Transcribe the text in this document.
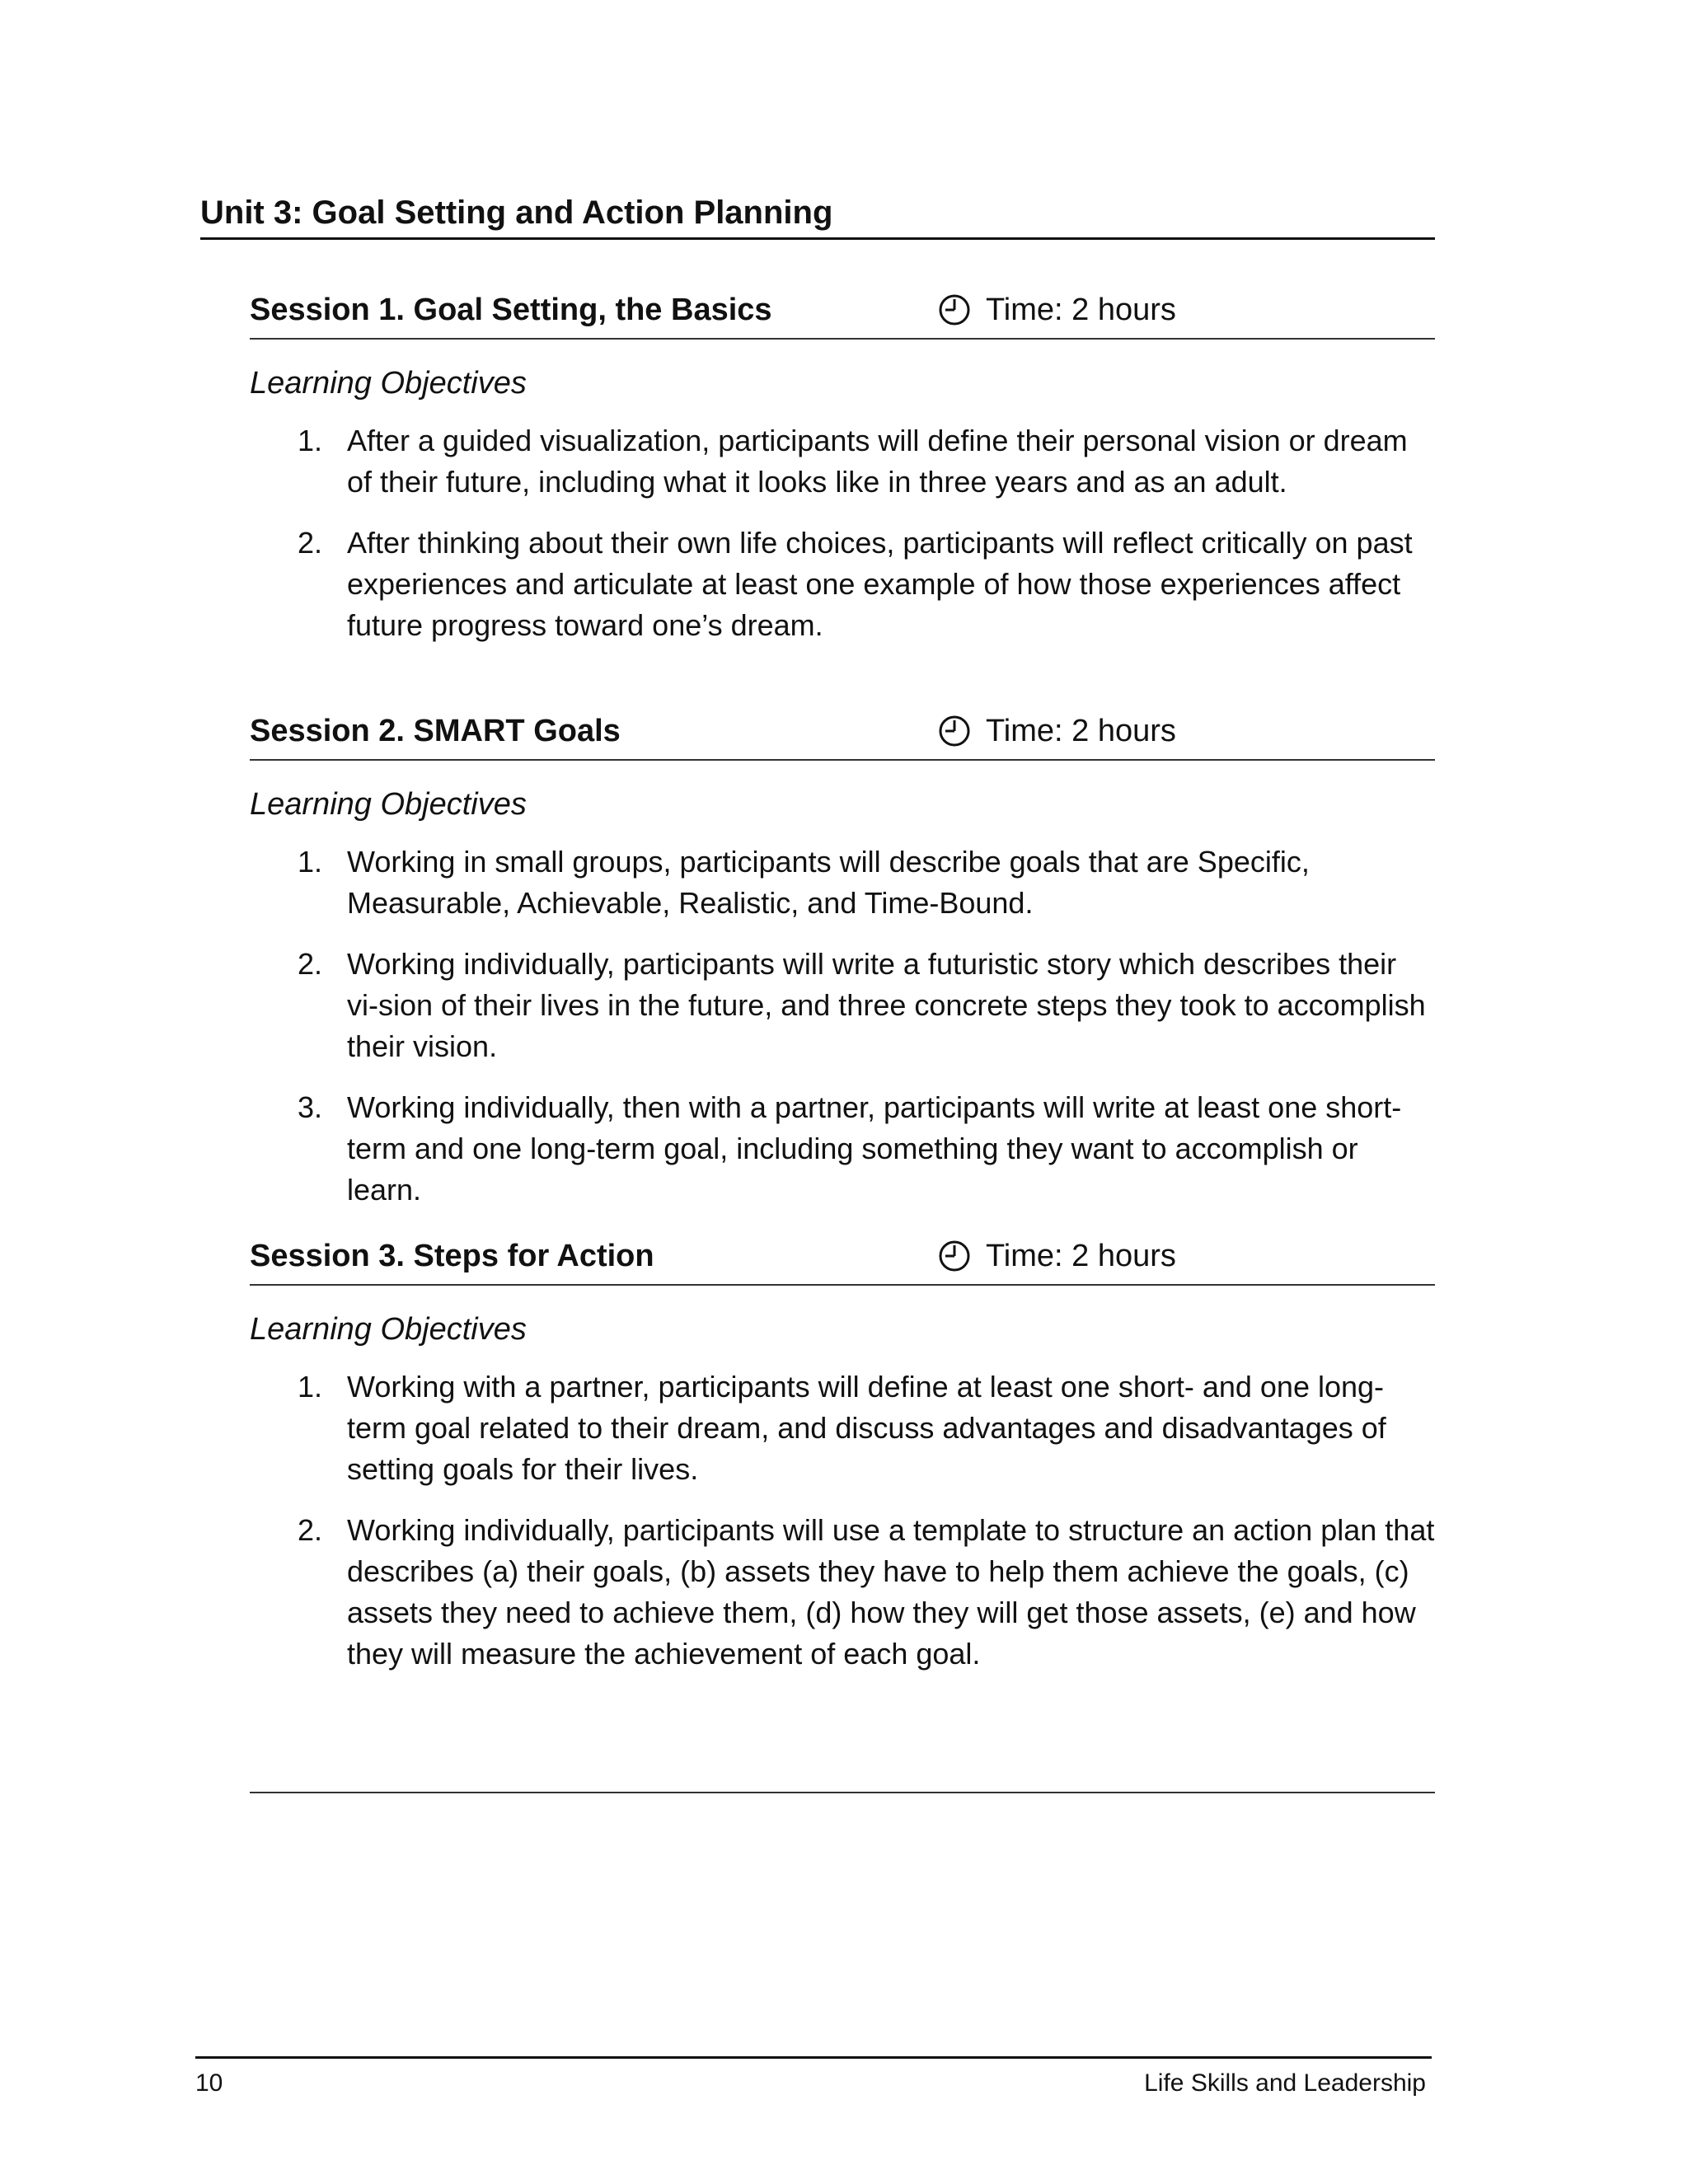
Unit 3: Goal Setting and Action Planning
Session 1. Goal Setting, the Basics	Time: 2 hours
Learning Objectives
1. After a guided visualization, participants will define their personal vision or dream of their future, including what it looks like in three years and as an adult.
2. After thinking about their own life choices, participants will reflect critically on past experiences and articulate at least one example of how those experiences affect future progress toward one’s dream.
Session 2. SMART Goals	Time: 2 hours
Learning Objectives
1. Working in small groups, participants will describe goals that are Specific, Measurable, Achievable, Realistic, and Time-Bound.
2. Working individually, participants will write a futuristic story which describes their vi-sion of their lives in the future, and three concrete steps they took to accomplish their vision.
3. Working individually, then with a partner, participants will write at least one short-term and one long-term goal, including something they want to accomplish or learn.
Session 3. Steps for Action	Time: 2 hours
Learning Objectives
1. Working with a partner, participants will define at least one short- and one long-term goal related to their dream, and discuss advantages and disadvantages of setting goals for their lives.
2. Working individually, participants will use a template to structure an action plan that describes (a) their goals, (b) assets they have to help them achieve the goals, (c) assets they need to achieve them, (d) how they will get those assets, (e) and how they will measure the achievement of each goal.
10	Life Skills and Leadership
